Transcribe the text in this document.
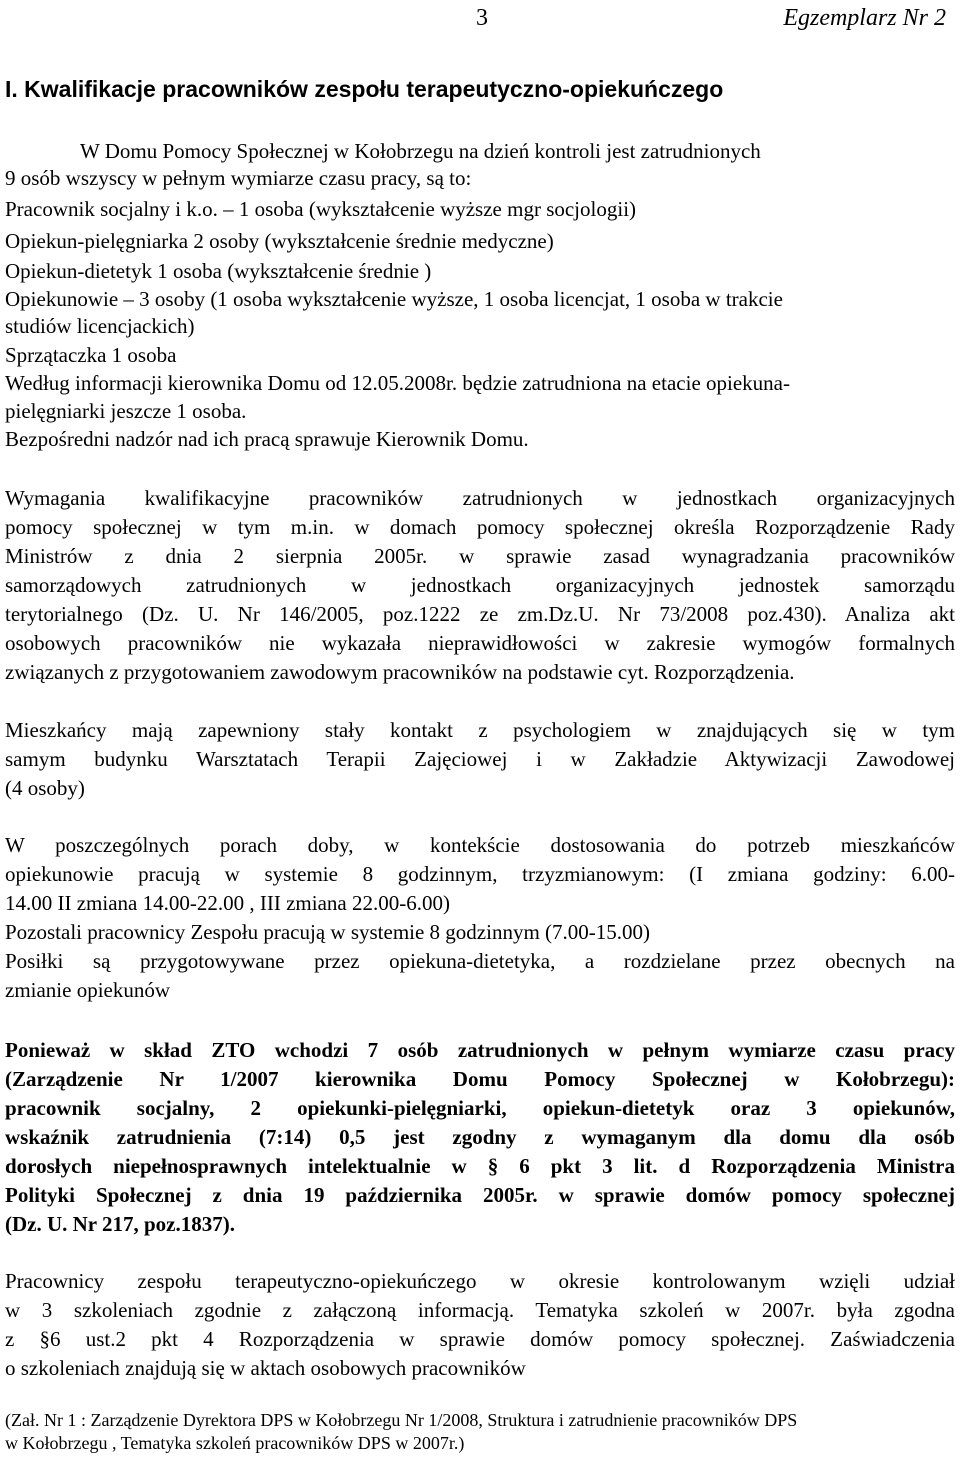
3	Egzemplarz Nr 2
I. Kwalifikacje pracowników zespołu terapeutyczno-opiekuńczego
W Domu Pomocy Społecznej w Kołobrzegu na dzień kontroli jest zatrudnionych
9 osób wszyscy w pełnym wymiarze czasu pracy, są to:
Pracownik socjalny i k.o. – 1 osoba (wykształcenie wyższe mgr socjologii)
Opiekun-pielęgniarka 2 osoby (wykształcenie średnie medyczne)
Opiekun-dietetyk 1 osoba (wykształcenie średnie )
Opiekunowie – 3 osoby (1 osoba wykształcenie wyższe, 1 osoba licencjat, 1 osoba w trakcie
studiów licencjackich)
Sprzątaczka 1 osoba
Według informacji kierownika Domu od 12.05.2008r. będzie zatrudniona na etacie opiekuna-
pielęgniarki jeszcze 1 osoba.
Bezpośredni nadzór nad ich pracą sprawuje Kierownik Domu.
Wymagania kwalifikacyjne pracowników zatrudnionych w jednostkach organizacyjnych
pomocy społecznej w tym m.in. w domach pomocy społecznej określa Rozporządzenie Rady
Ministrów z dnia 2 sierpnia 2005r. w sprawie zasad wynagradzania pracowników
samorządowych zatrudnionych w jednostkach organizacyjnych jednostek samorządu
terytorialnego (Dz. U. Nr 146/2005, poz.1222 ze zm.Dz.U. Nr 73/2008 poz.430). Analiza akt
osobowych pracowników nie wykazała nieprawidłowości w zakresie wymogów formalnych
związanych z przygotowaniem zawodowym pracowników na podstawie cyt. Rozporządzenia.
Mieszkańcy mają zapewniony stały kontakt z psychologiem w znajdujących się w tym
samym budynku Warsztatach Terapii Zajęciowej i w Zakładzie Aktywizacji Zawodowej
(4 osoby)
W poszczególnych porach doby, w kontekście dostosowania do potrzeb mieszkańców
opiekunowie pracują w systemie 8 godzinnym, trzyzmianowym: (I zmiana godziny: 6.00-
14.00 II zmiana 14.00-22.00 , III zmiana 22.00-6.00)
Pozostali pracownicy Zespołu pracują w systemie 8 godzinnym (7.00-15.00)
Posiłki są przygotowywane przez opiekuna-dietetyka, a rozdzielane przez obecnych na
zmianie opiekunów
Ponieważ w skład ZTO wchodzi 7 osób zatrudnionych w pełnym wymiarze czasu pracy
(Zarządzenie Nr 1/2007 kierownika Domu Pomocy Społecznej w Kołobrzegu):
pracownik socjalny, 2 opiekunki-pielęgniarki, opiekun-dietetyk oraz 3 opiekunów,
wskaźnik zatrudnienia (7:14) 0,5 jest zgodny z wymaganym dla domu dla osób
dorosłych niepełnosprawnych intelektualnie w § 6 pkt 3 lit. d Rozporządzenia Ministra
Polityki Społecznej z dnia 19 października 2005r. w sprawie domów pomocy społecznej
(Dz. U. Nr 217, poz.1837).
Pracownicy zespołu terapeutyczno-opiekuńczego w okresie kontrolowanym wzięli udział
w 3 szkoleniach zgodnie z załączoną informacją. Tematyka szkoleń w 2007r. była zgodna
z §6 ust.2 pkt 4 Rozporządzenia w sprawie domów pomocy społecznej. Zaświadczenia
o szkoleniach znajdują się w aktach osobowych pracowników
(Zał. Nr 1 : Zarządzenie Dyrektora DPS w Kołobrzegu Nr 1/2008, Struktura i zatrudnienie pracowników DPS
w Kołobrzegu , Tematyka szkoleń pracowników DPS w 2007r.)
